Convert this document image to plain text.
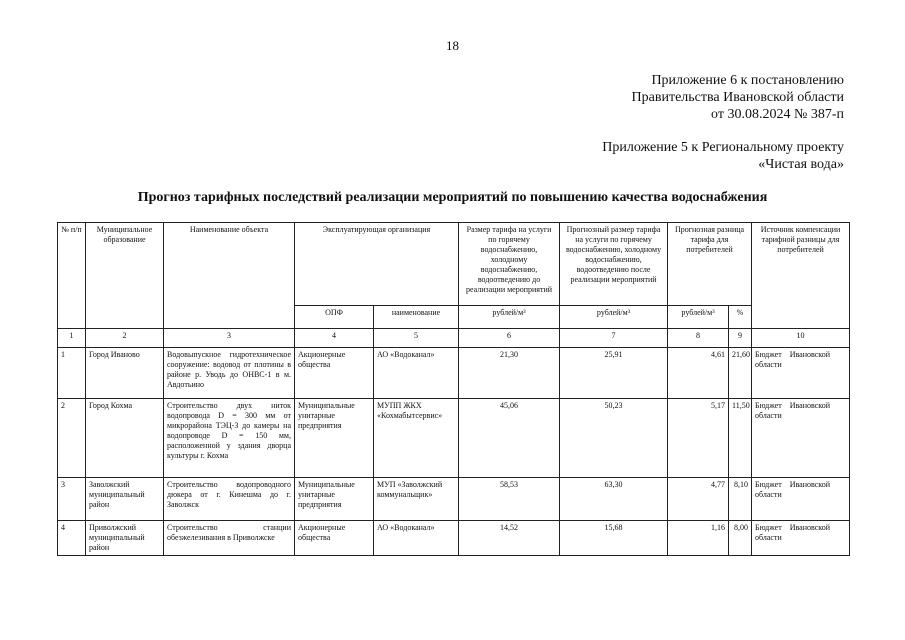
18
Приложение 6 к постановлению
Правительства Ивановской области
от 30.08.2024 № 387-п
Приложение 5 к Региональному проекту
«Чистая вода»
Прогноз тарифных последствий реализации мероприятий по повышению качества водоснабжения
№ п/п	Муниципальное образование	Наименование объекта	Эксплуатирующая организация		Размер тарифа на услуги по горячему водоснабжению, холодному водоснабжению, водоотведению до реализации мероприятий	Прогнозный размер тарифа на услуги по горячему водоснабжению, холодному водоснабжению, водоотведению после реализации мероприятий	Прогнозная разница тарифа для потребителей		Источник компенсации тарифной разницы для потребителей
			ОПФ	наименование	рублей/м³	рублей/м³	рублей/м³	%	
1	2	3	4	5	6	7	8	9	10
1	Город Иваново	Водовыпускное гидротехническое сооружение: водовод от плотины в районе р. Уводь до ОНВС-1 в м. Авдотьино	Акционерные общества	АО «Водоканал»	21,30	25,91	4,61	21,60	Бюджет Ивановской
области
2	Город Кохма	Строительство двух ниток водопровода D = 300 мм от микрорайона ТЭЦ-3 до камеры на водопроводе D = 150 мм, расположенной у здания дворца культуры г. Кохма	Муниципальные унитарные предприятия	МУПП ЖКХ «Кохмабытсервис»	45,06	50,23	5,17	11,50	Бюджет Ивановской
области
3	Заволжский муниципальный район	Строительство водопроводного дюкера от г. Кинешма до г. Заволжск	Муниципальные унитарные предприятия	МУП «Заволжский коммунальщик»	58,53	63,30	4,77	8,10	Бюджет Ивановской
области
4	Приволжский муниципальный район	Строительство станции обезжелезивания в Приволжске	Акционерные общества	АО «Водоканал»	14,52	15,68	1,16	8,00	Бюджет Ивановской
области
